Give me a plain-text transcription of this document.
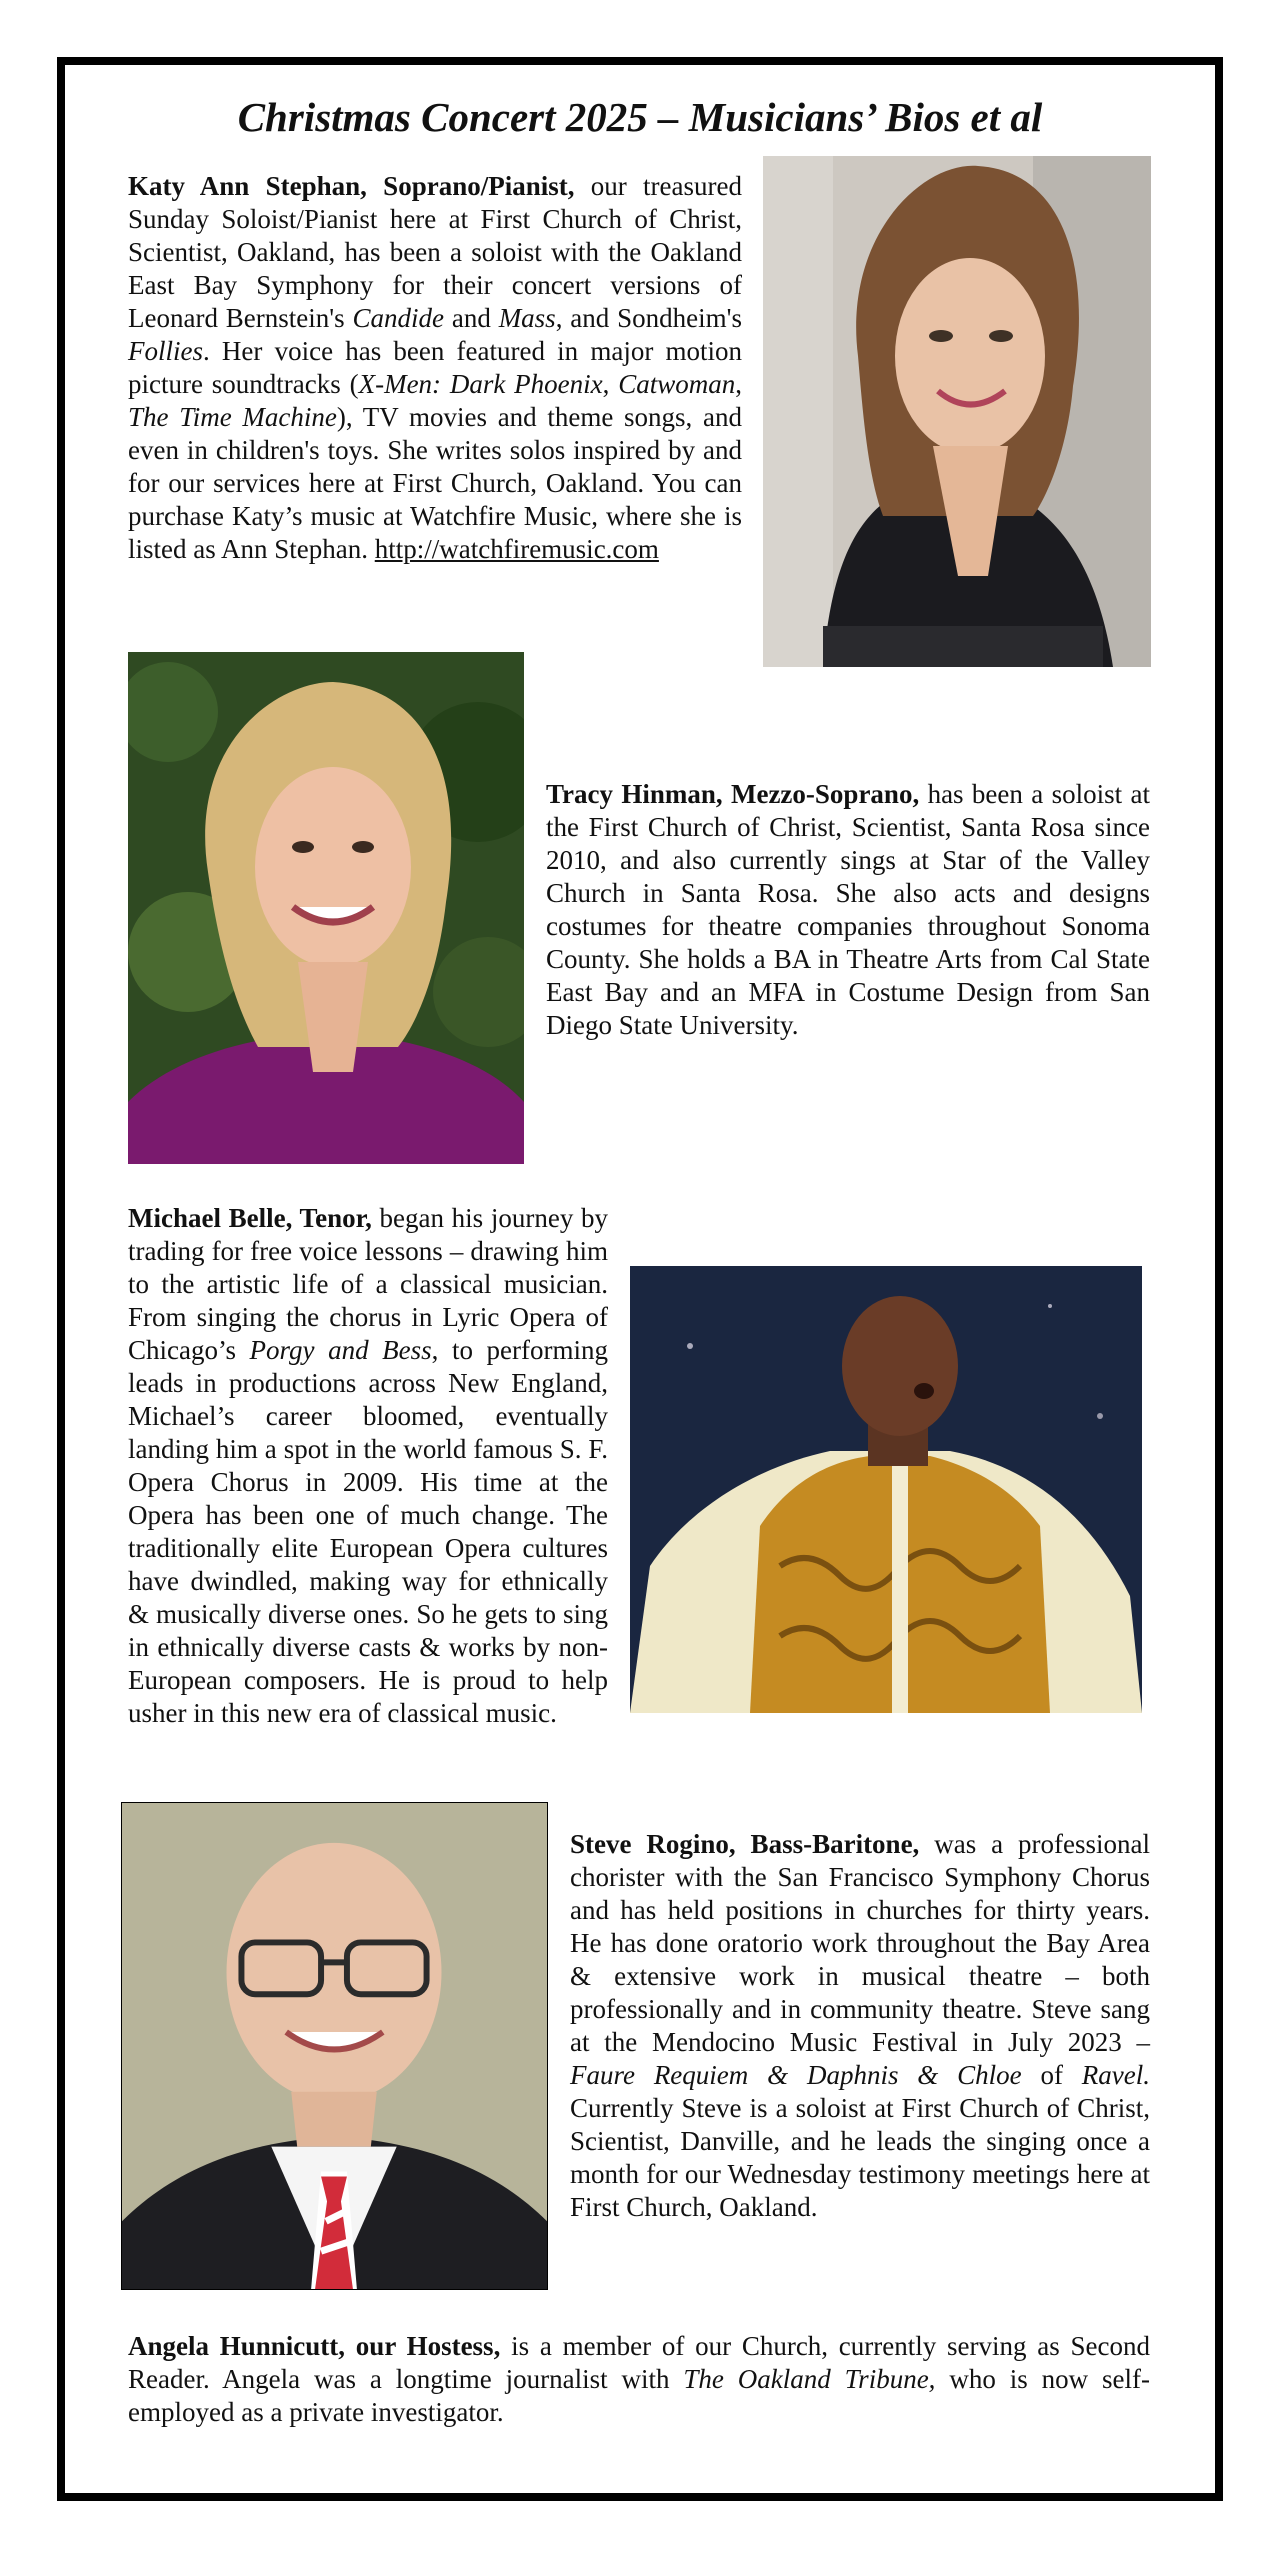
Christmas Concert 2025 – Musicians’ Bios et al

Katy Ann Stephan, Soprano/Pianist, our treasured Sunday Soloist/Pianist here at First Church of Christ, Scientist, Oakland, has been a soloist with the Oakland East Bay Symphony for their concert versions of Leonard Bernstein's Candide and Mass, and Sondheim's Follies. Her voice has been featured in major motion picture soundtracks (X-Men: Dark Phoenix, Catwoman, The Time Machine), TV movies and theme songs, and even in children's toys. She writes solos inspired by and for our services here at First Church, Oakland. You can purchase Katy’s music at Watchfire Music, where she is listed as Ann Stephan. http://watchfiremusic.com

Tracy Hinman, Mezzo-Soprano, has been a soloist at the First Church of Christ, Scientist, Santa Rosa since 2010, and also currently sings at Star of the Valley Church in Santa Rosa. She also acts and designs costumes for theatre companies throughout Sonoma County. She holds a BA in Theatre Arts from Cal State East Bay and an MFA in Costume Design from San Diego State University.

Michael Belle, Tenor, began his journey by trading for free voice lessons – drawing him to the artistic life of a classical musician. From singing the chorus in Lyric Opera of Chicago’s Porgy and Bess, to performing leads in productions across New England, Michael’s career bloomed, eventually landing him a spot in the world famous S. F. Opera Chorus in 2009. His time at the Opera has been one of much change. The traditionally elite European Opera cultures have dwindled, making way for ethnically & musically diverse ones. So he gets to sing in ethnically diverse casts & works by non-European composers. He is proud to help usher in this new era of classical music.

Steve Rogino, Bass-Baritone, was a professional chorister with the San Francisco Symphony Chorus and has held positions in churches for thirty years. He has done oratorio work throughout the Bay Area & extensive work in musical theatre – both professionally and in community theatre. Steve sang at the Mendocino Music Festival in July 2023 – Faure Requiem & Daphnis & Chloe of Ravel. Currently Steve is a soloist at First Church of Christ, Scientist, Danville, and he leads the singing once a month for our Wednesday testimony meetings here at First Church, Oakland.

Angela Hunnicutt, our Hostess, is a member of our Church, currently serving as Second Reader. Angela was a longtime journalist with The Oakland Tribune, who is now self-employed as a private investigator.
